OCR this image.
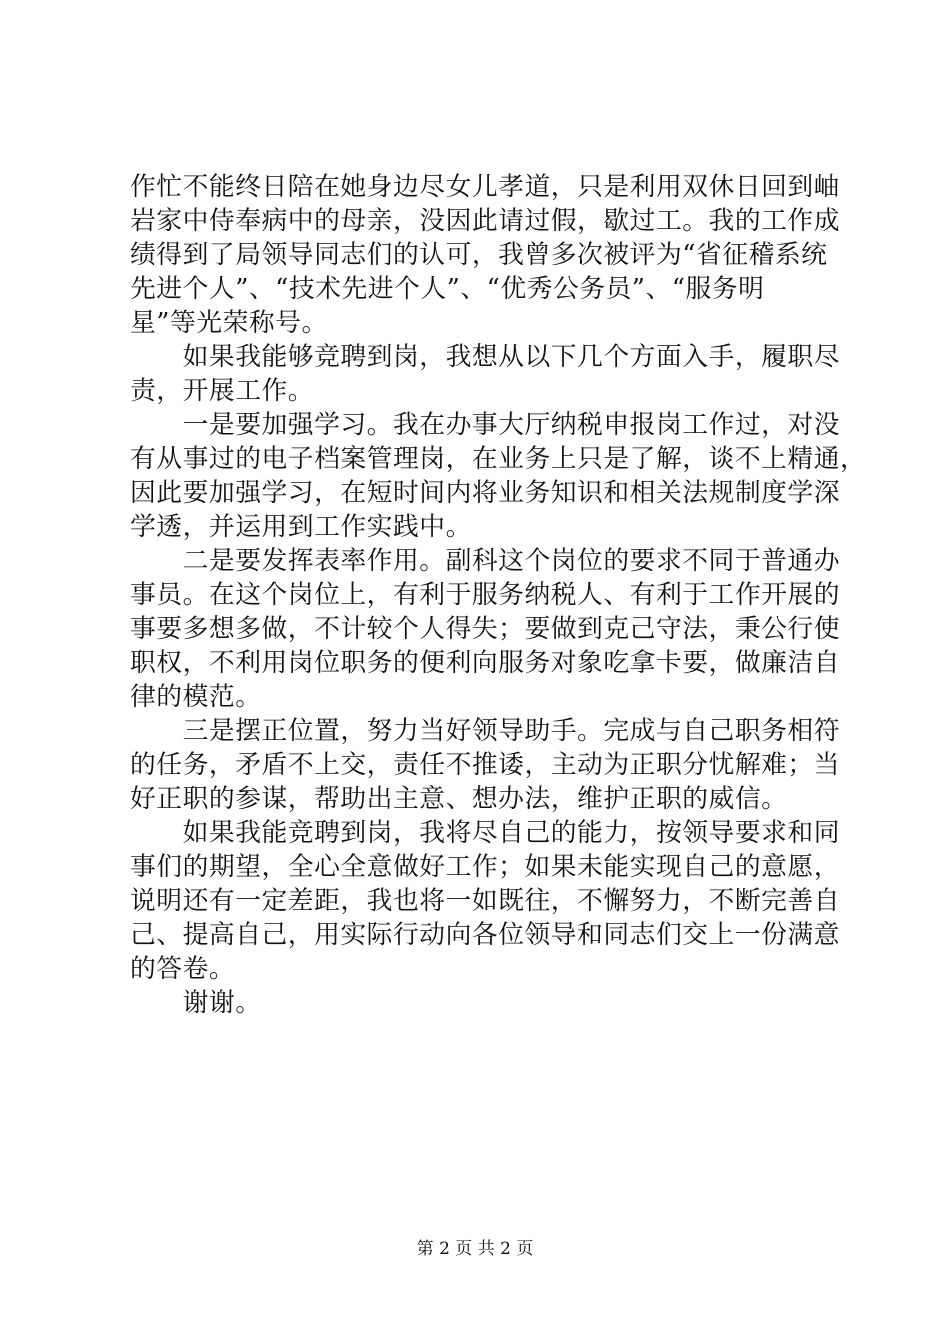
作忙不能终日陪在她身边尽女儿孝道，只是利用双休日回到岫
岩家中侍奉病中的母亲，没因此请过假，歇过工。我的工作成
绩得到了局领导同志们的认可，我曾多次被评为“省征稽系统
先进个人”、“技术先进个人”、“优秀公务员”、“服务明
星”等光荣称号。
　　如果我能够竞聘到岗，我想从以下几个方面入手，履职尽
责，开展工作。
　　一是要加强学习。我在办事大厅纳税申报岗工作过，对没
有从事过的电子档案管理岗，在业务上只是了解，谈不上精通，
因此要加强学习，在短时间内将业务知识和相关法规制度学深
学透，并运用到工作实践中。
　　二是要发挥表率作用。副科这个岗位的要求不同于普通办
事员。在这个岗位上，有利于服务纳税人、有利于工作开展的
事要多想多做，不计较个人得失；要做到克己守法，秉公行使
职权，不利用岗位职务的便利向服务对象吃拿卡要，做廉洁自
律的模范。
　　三是摆正位置，努力当好领导助手。完成与自己职务相符
的任务，矛盾不上交，责任不推诿，主动为正职分忧解难；当
好正职的参谋，帮助出主意、想办法，维护正职的威信。
　　如果我能竞聘到岗，我将尽自己的能力，按领导要求和同
事们的期望，全心全意做好工作；如果未能实现自己的意愿，
说明还有一定差距，我也将一如既往，不懈努力，不断完善自
己、提高自己，用实际行动向各位领导和同志们交上一份满意
的答卷。
　　谢谢。
第 2 页 共 2 页
